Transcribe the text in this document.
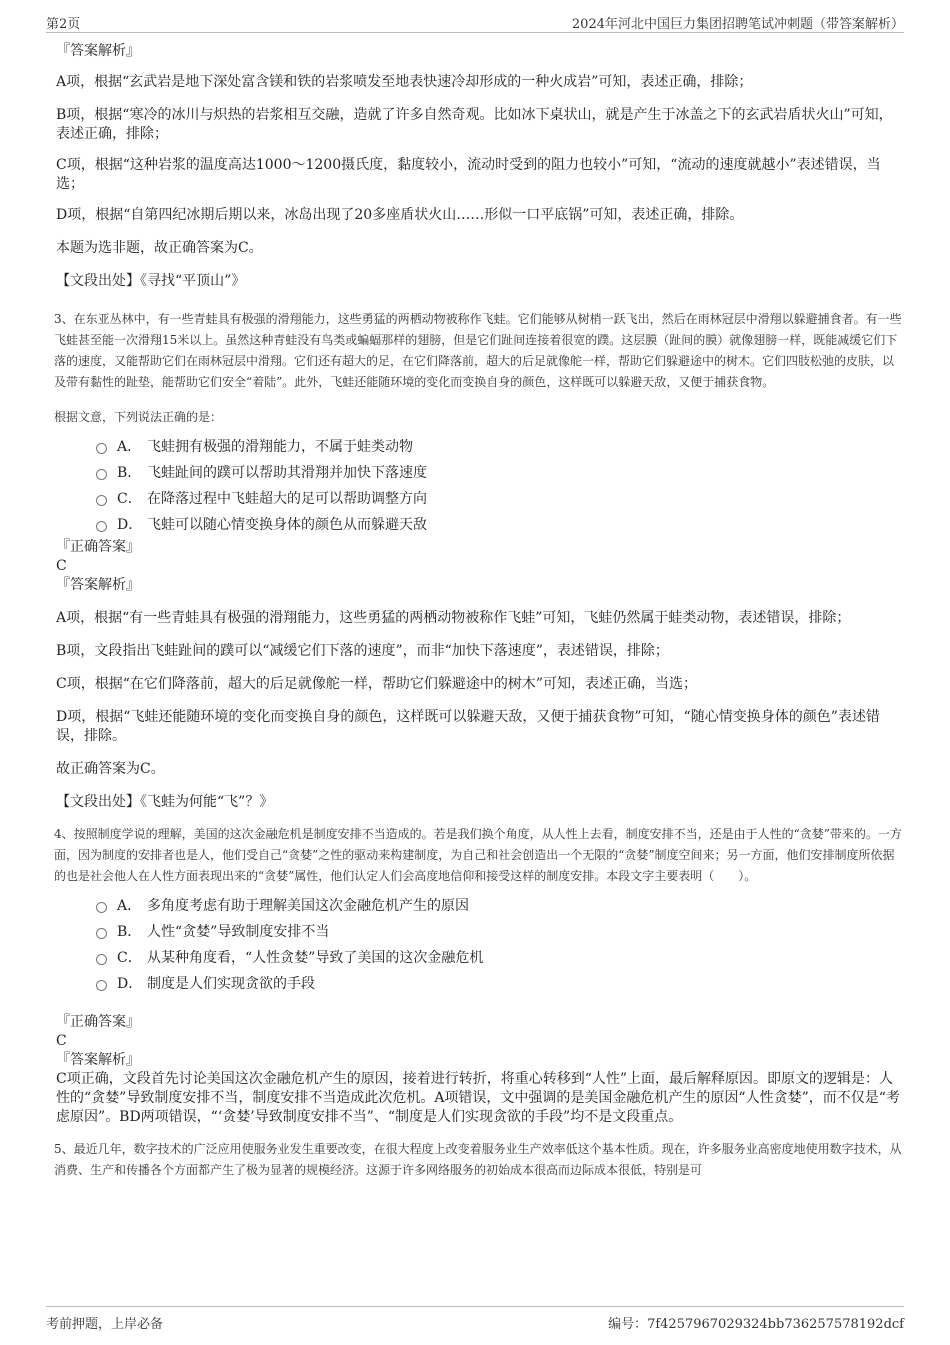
第2页	2024年河北中国巨力集团招聘笔试冲刺题（带答案解析）

『答案解析』

A项，根据“玄武岩是地下深处富含镁和铁的岩浆喷发至地表快速冷却形成的一种火成岩”可知，表述正确，排除；

B项，根据“寒冷的冰川与炽热的岩浆相互交融，造就了许多自然奇观。比如冰下桌状山，就是产生于冰盖之下的玄武岩盾状火山”可知，表述正确，排除；

C项，根据“这种岩浆的温度高达1000～1200摄氏度，黏度较小，流动时受到的阻力也较小”可知，“流动的速度就越小”表述错误，当选；

D项，根据“自第四纪冰期后期以来，冰岛出现了20多座盾状火山……形似一口平底锅”可知，表述正确，排除。

本题为选非题，故正确答案为C。

【文段出处】《寻找“平顶山”》

3、在东亚丛林中，有一些青蛙具有极强的滑翔能力，这些勇猛的两栖动物被称作飞蛙。它们能够从树梢一跃飞出，然后在雨林冠层中滑翔以躲避捕食者。有一些飞蛙甚至能一次滑翔15米以上。虽然这种青蛙没有鸟类或蝙蝠那样的翅膀，但是它们趾间连接着很宽的蹼。这层膜（趾间的膜）就像翅膀一样，既能减缓它们下落的速度，又能帮助它们在雨林冠层中滑翔。它们还有超大的足，在它们降落前，超大的后足就像舵一样，帮助它们躲避途中的树木。它们四肢松弛的皮肤，以及带有黏性的趾垫，能帮助它们安全“着陆”。此外，飞蛙还能随环境的变化而变换自身的颜色，这样既可以躲避天敌，又便于捕获食物。

根据文意，下列说法正确的是：

A． 飞蛙拥有极强的滑翔能力，不属于蛙类动物
B． 飞蛙趾间的蹼可以帮助其滑翔并加快下落速度
C． 在降落过程中飞蛙超大的足可以帮助调整方向
D． 飞蛙可以随心情变换身体的颜色从而躲避天敌

『正确答案』

C

『答案解析』

A项，根据“有一些青蛙具有极强的滑翔能力，这些勇猛的两栖动物被称作飞蛙”可知，飞蛙仍然属于蛙类动物，表述错误，排除；

B项，文段指出飞蛙趾间的蹼可以“减缓它们下落的速度”，而非“加快下落速度”，表述错误，排除；

C项，根据“在它们降落前，超大的后足就像舵一样，帮助它们躲避途中的树木”可知，表述正确，当选；

D项，根据“飞蛙还能随环境的变化而变换自身的颜色，这样既可以躲避天敌，又便于捕获食物”可知，“随心情变换身体的颜色”表述错误，排除。

故正确答案为C。

【文段出处】《飞蛙为何能“飞”？》

4、按照制度学说的理解，美国的这次金融危机是制度安排不当造成的。若是我们换个角度，从人性上去看，制度安排不当，还是由于人性的“贪婪”带来的。一方面，因为制度的安排者也是人，他们受自己“贪婪”之性的驱动来构建制度，为自己和社会创造出一个无限的“贪婪”制度空间来；另一方面，他们安排制度所依据的也是社会他人在人性方面表现出来的“贪婪”属性，他们认定人们会高度地信仰和接受这样的制度安排。本段文字主要表明（　　）。

A． 多角度考虑有助于理解美国这次金融危机产生的原因
B． 人性“贪婪”导致制度安排不当
C． 从某种角度看，“人性贪婪”导致了美国的这次金融危机
D． 制度是人们实现贪欲的手段

『正确答案』

C

『答案解析』

C项正确，文段首先讨论美国这次金融危机产生的原因，接着进行转折，将重心转移到“人性”上面，最后解释原因。即原文的逻辑是：人性的“贪婪”导致制度安排不当，制度安排不当造成此次危机。A项错误，文中强调的是美国金融危机产生的原因“人性贪婪”，而不仅是“考虑原因”。BD两项错误，“‘贪婪’导致制度安排不当”、“制度是人们实现贪欲的手段”均不是文段重点。

5、最近几年，数字技术的广泛应用使服务业发生重要改变，在很大程度上改变着服务业生产效率低这个基本性质。现在，许多服务业高密度地使用数字技术，从消费、生产和传播各个方面都产生了极为显著的规模经济。这源于许多网络服务的初始成本很高而边际成本很低，特别是可

考前押题，上岸必备	编号：7f4257967029324bb736257578192dcf
